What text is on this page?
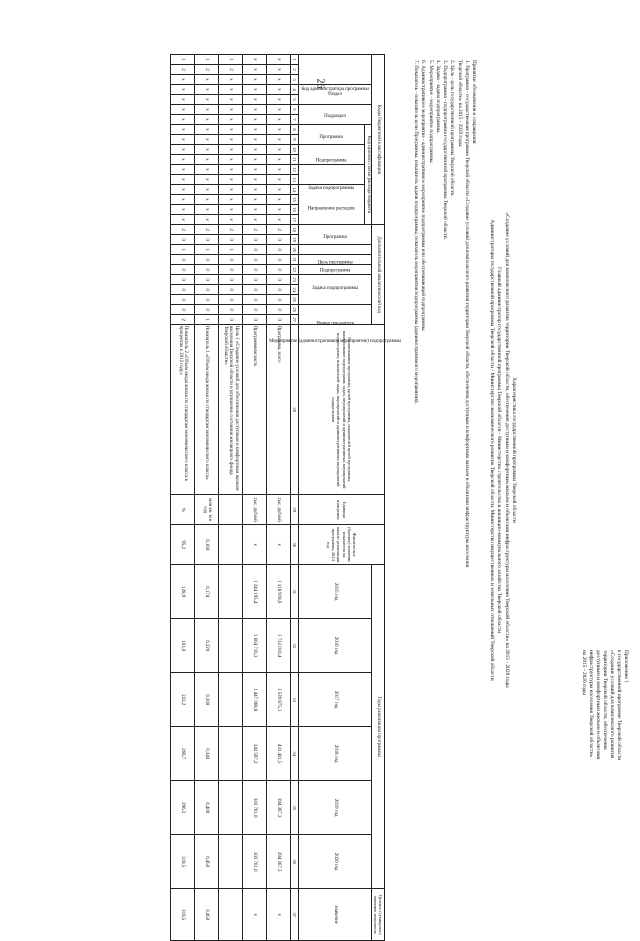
26
Приложение 1
к государственной программе Тверской области
«Создание условий для комплексного развития
территории Тверской области, обеспечения
доступным и комфортным жильем и объектами
инфраструктуры населения Тверской области»
на 2015 - 2020 годы
Характеристика государственной программы Тверской области
«Создание условий для комплексного развития территории Тверской области, обеспечения доступным и комфортным жильем и объектами инфраструктуры населения Тверской области» на 2015 - 2020 годы
Главный администратор государственной программы Тверской области - Министерство строительства и жилищно-коммунального хозяйства Тверской области
Администраторы государственной программы Тверской области - Министерство экономического развития Тверской области, Министерство имущественных и земельных отношений Тверской области
Принятые обозначения и сокращения:
1. Программа - государственная программа Тверской области «Создание условий для комплексного развития территории Тверской области, обеспечения доступным и комфортным жильем и объектами инфраструктуры населения
Тверской области» на 2015 - 2020 годы.
2. Цель - цель государственной программы Тверской области.
3. Подпрограмма - подпрограмма государственной программы Тверской области.
4. Задача - задача подпрограммы.
5. Мероприятие - мероприятие подпрограммы.
6. Административное мероприятие - административное мероприятие подпрограммы или обеспечивающей подпрограммы.
7. Показатель - показатель цели Программы, показатель задачи подпрограммы, показатель мероприятия подпрограммы (административного мероприятия).
Коды бюджетной классификации																	Дополнительный аналитический код										Наименование программы, целей программы, показателей целей программы, наименование подпрограмм, задач, мероприятий и административных мероприятий подпрограмм, показателей задач, мероприятий и административных мероприятий подпрограмм	Единица измерения	Фактическое (базовое) значение показателя на начало реализации программы, 2014 год	Годы реализации программы						Целевое (суммарное) значение показателя
Код администратора программы			Раздел		Подраздел		Код целевой статьи расхода бюджета										Программа		Цель программы	Подпрограмма	Задача подпрограммы	Мероприятие (административное мероприятие) подпрограммы			Номер показателя					2015 год	2016 год	2017 год	2018 год	2019 год	2020 год	значение
							Программа		Подпрограмма		Задача подпрограммы		Направление расходов																							
1	2	3	4	5	6	7	8	9	10	11	12	13	14	15	16	17	18	19	20	21	22	23	24	25	26	27	28	29	30	31	32	33	34	35	36	37
х	х	х	х	х	х	х	х	х	х	х	х	х	х	х	х	х	2	0	0	0	0	0	0	0	0	0	Программа, всего	тыс. рублей	х	1 318 918,6	1 733 010,4	1 539 875,1	433 401,5	394 367,3	394 367,3	х
х	х	х	х	х	х	х	х	х	х	х	х	х	х	х	х	х	2	0	0	0	0	0	0	0	0	0	Программная часть	тыс. рублей	х	1 244 195,4	1 664 716,3	1 447 068,8	342 597,2	303 761,0	303 761,0	х
1	2	х	х	х	х	х	х	х	х	х	х	х	х	х	х	х	2	0	1	0	0	0	0	0	0	0	Цель 1 «Создание условий для обеспечения доступным и комфортным жильем населения Тверской области и улучшение состояния жилищного фонда Тверской области»									
1	2	х	х	х	х	х	х	х	х	х	х	х	х	х	х	х	2	0	1	0	0	0	0	0	0	1	Показатель 1 «Объем ввода жилья по стандартам экономического класса»	млн кв. м в год	0,160	0,174	0,220	0,300	0,340	0,400	0,450	0,450
1	2	х	х	х	х	х	х	х	х	х	х	х	х	х	х	х	2	0	1	0	0	0	0	0	0	2	Показатель 2 «Объем ввода жилья по стандартам экономического класса в процентах к 2012 году»	%	95,2	128,9	163,0	222,2	268,7	296,3	318,5	318,5
